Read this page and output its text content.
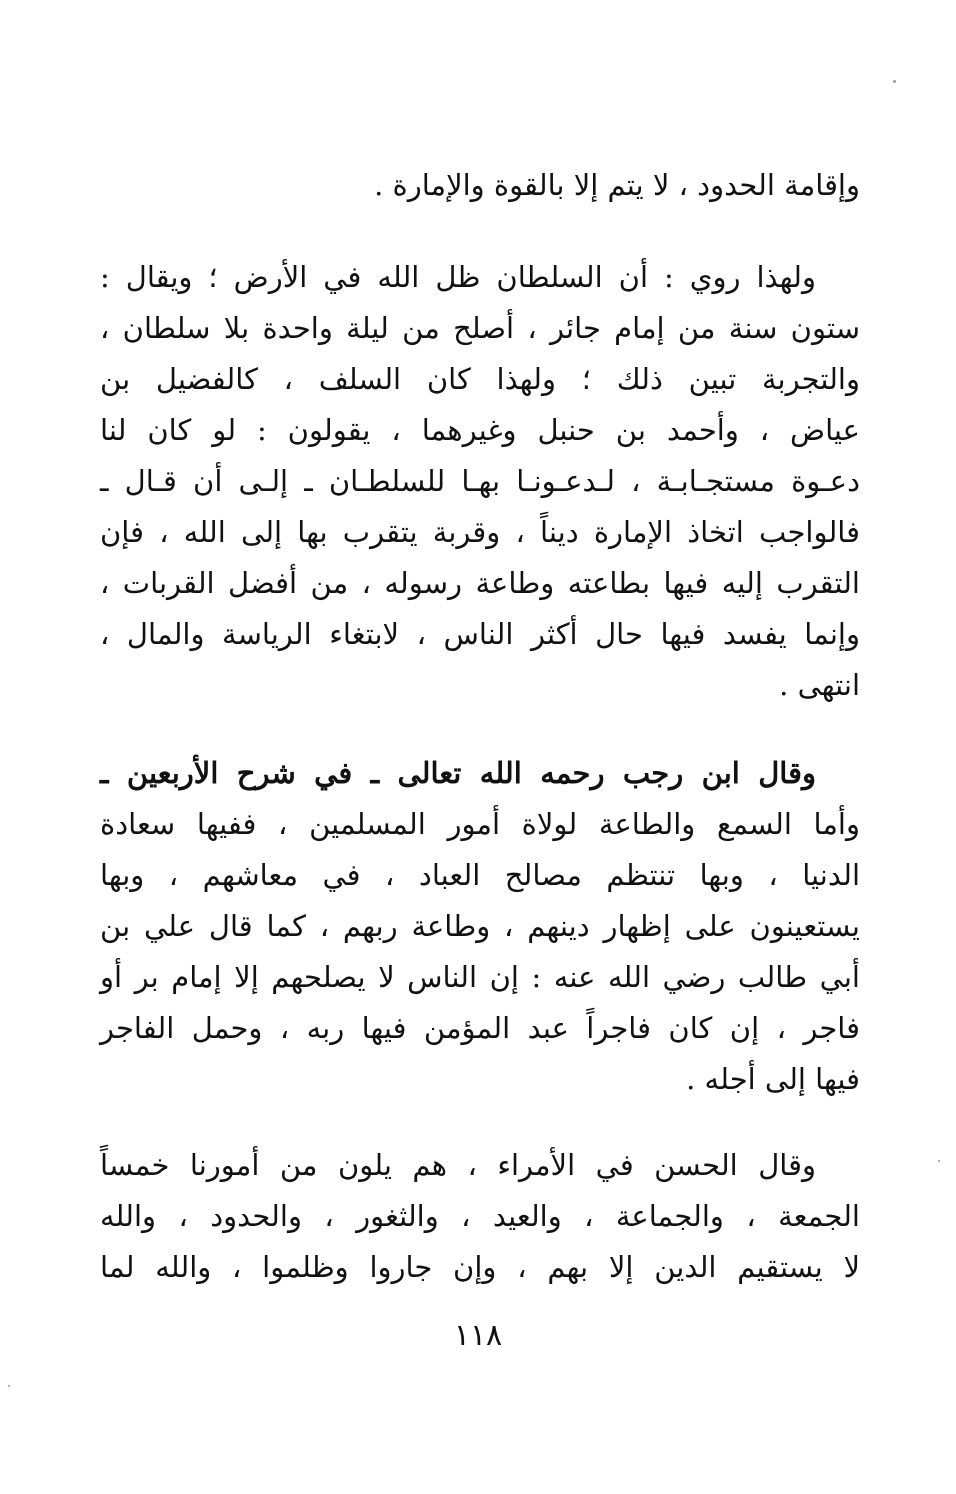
وإقامة الحدود ، لا يتم إلا بالقوة والإمارة .
ولهذا روي : أن السلطان ظل الله في الأرض ؛ ويقال :
ستون سنة من إمام جائر ، أصلح من ليلة واحدة بلا سلطان ،
والتجربة تبين ذلك ؛ ولهذا كان السلف ، كالفضيل بن
عياض ، وأحمد بن حنبل وغيرهما ، يقولون : لو كان لنا
دعـوة مستجـابـة ، لـدعـونـا بهـا للسلطـان ـ إلـى أن قـال ـ
فالواجب اتخاذ الإمارة ديناً ، وقربة يتقرب بها إلى الله ، فإن
التقرب إليه فيها بطاعته وطاعة رسوله ، من أفضل القربات ،
وإنما يفسد فيها حال أكثر الناس ، لابتغاء الرياسة والمال ،
انتهى .
وقال ابن رجب رحمه الله تعالى ـ في شرح الأربعين ـ
وأما السمع والطاعة لولاة أمور المسلمين ، ففيها سعادة
الدنيا ، وبها تنتظم مصالح العباد ، في معاشهم ، وبها
يستعينون على إظهار دينهم ، وطاعة ربهم ، كما قال علي بن
أبي طالب رضي الله عنه : إن الناس لا يصلحهم إلا إمام بر أو
فاجر ، إن كان فاجراً عبد المؤمن فيها ربه ، وحمل الفاجر
فيها إلى أجله .
وقال الحسن في الأمراء ، هم يلون من أمورنا خمساً
الجمعة ، والجماعة ، والعيد ، والثغور ، والحدود ، والله
لا يستقيم الدين إلا بهم ، وإن جاروا وظلموا ، والله لما
١١٨
